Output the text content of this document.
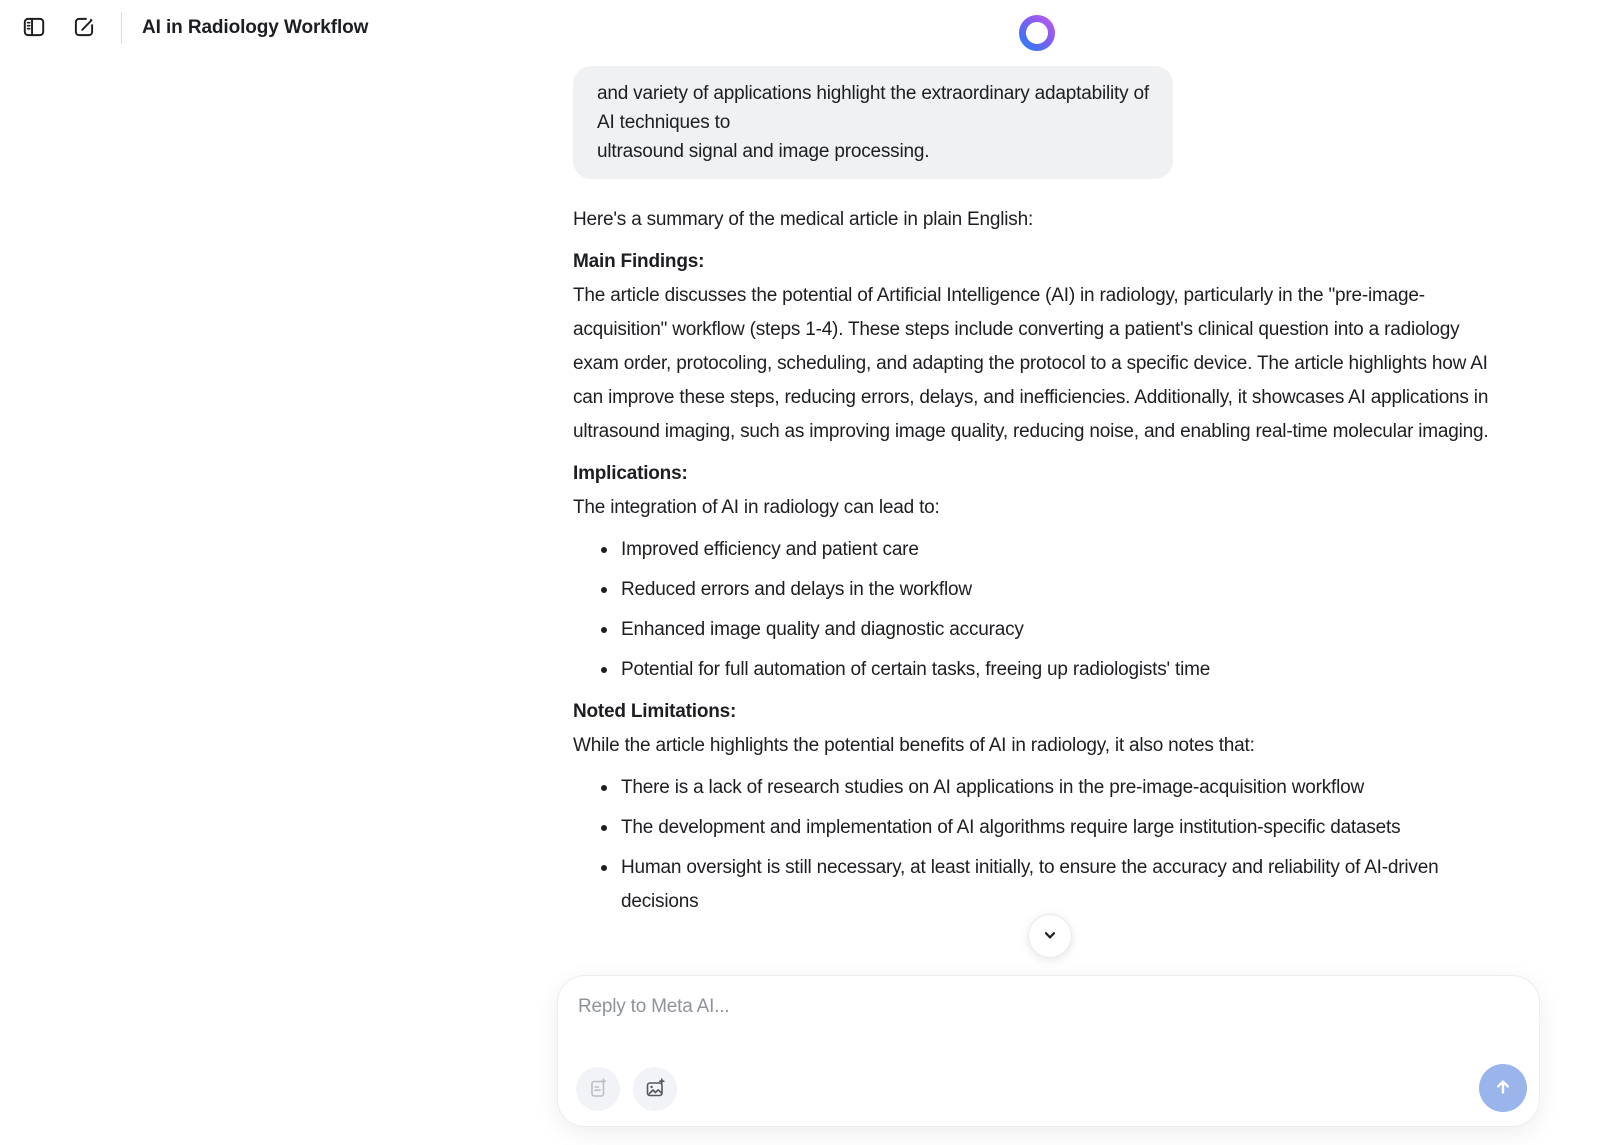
AI in Radiology Workflow
and variety of applications highlight the extraordinary adaptability of
AI techniques to
ultrasound signal and image processing.
Here's a summary of the medical article in plain English:
Main Findings:
The article discusses the potential of Artificial Intelligence (AI) in radiology, particularly in the "pre-image-acquisition" workflow (steps 1-4). These steps include converting a patient's clinical question into a radiology exam order, protocoling, scheduling, and adapting the protocol to a specific device. The article highlights how AI can improve these steps, reducing errors, delays, and inefficiencies. Additionally, it showcases AI applications in ultrasound imaging, such as improving image quality, reducing noise, and enabling real-time molecular imaging.
Implications:
The integration of AI in radiology can lead to:
Improved efficiency and patient care
Reduced errors and delays in the workflow
Enhanced image quality and diagnostic accuracy
Potential for full automation of certain tasks, freeing up radiologists' time
Noted Limitations:
While the article highlights the potential benefits of AI in radiology, it also notes that:
There is a lack of research studies on AI applications in the pre-image-acquisition workflow
The development and implementation of AI algorithms require large institution-specific datasets
Human oversight is still necessary, at least initially, to ensure the accuracy and reliability of AI-driven decisions
Reply to Meta AI...
